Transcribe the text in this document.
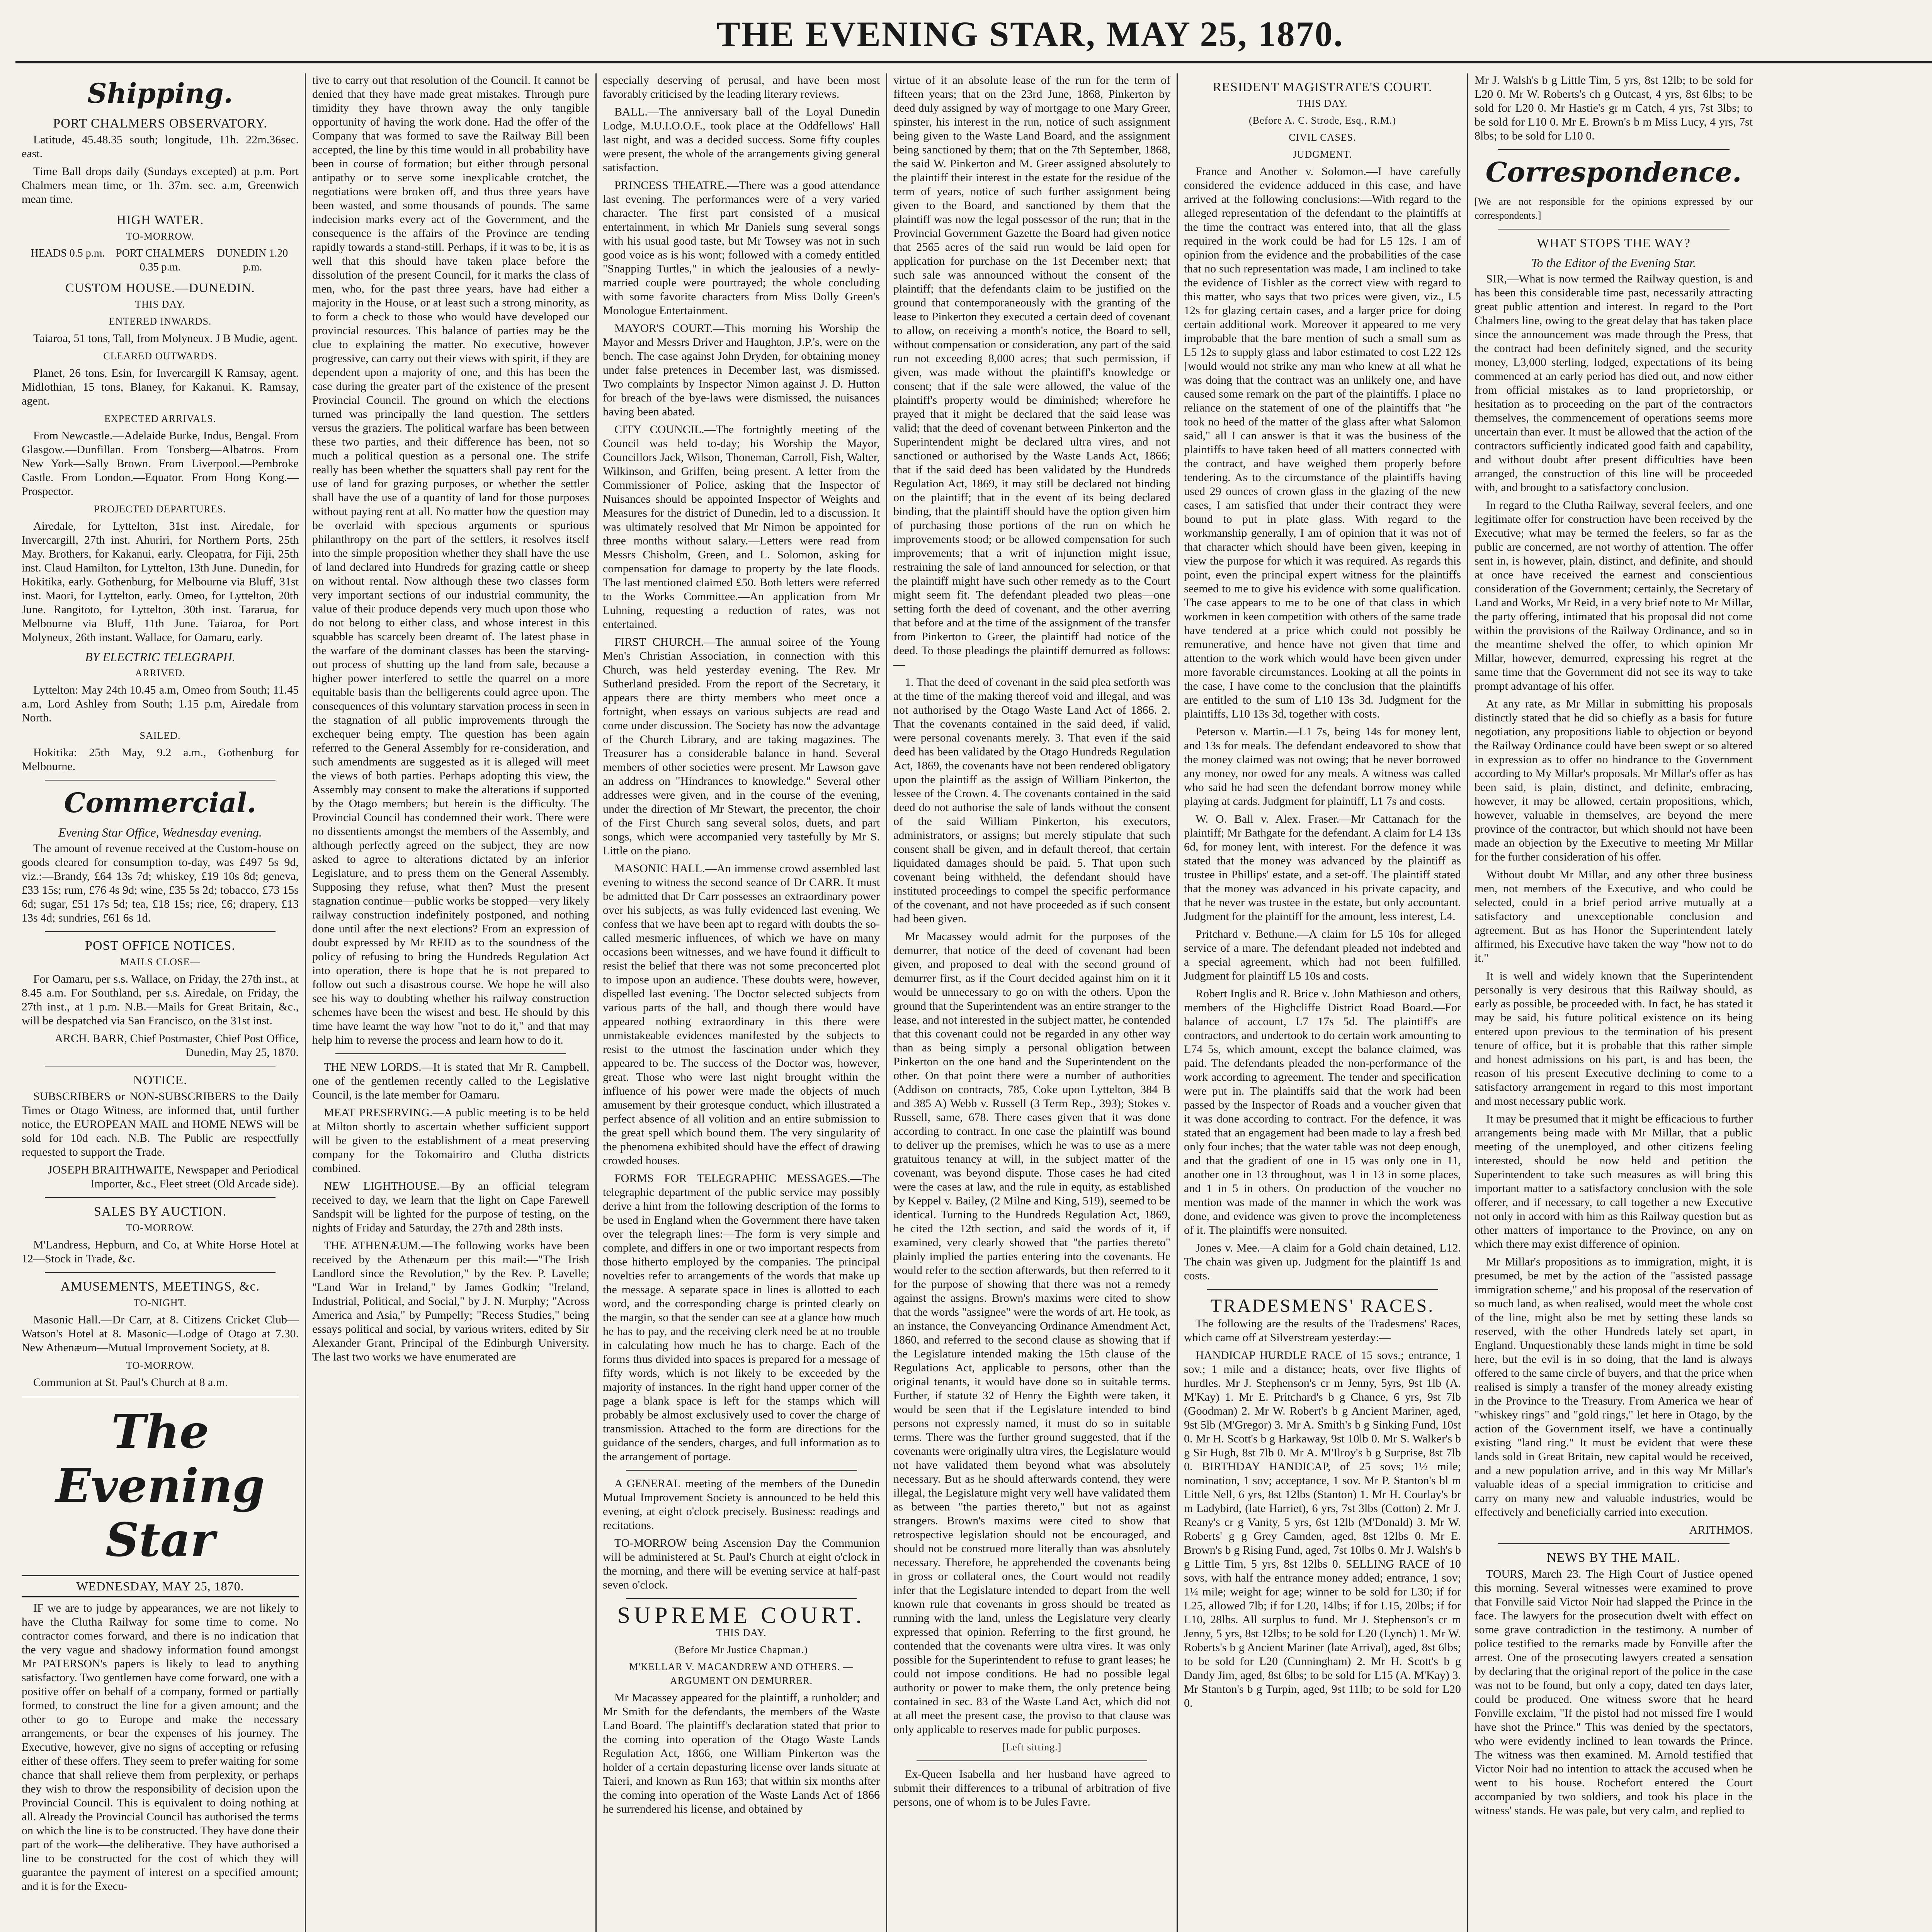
THE EVENING STAR, MAY 25, 1870.
Shipping.
PORT CHALMERS OBSERVATORY.

Latitude, 45.48.35 south; longitude, 11h. 22m.36sec. east.

Time Ball drops daily (Sundays excepted) at p.m. Port Chalmers mean time, or 1h. 37m. sec. a.m, Greenwich mean time.

HIGH WATER.
TO-MORROW.
HEADS 0.5 p.m.	PORT CHALMERS 0.35 p.m.
DUNEDIN 1.20 p.m.
CUSTOM HOUSE.—DUNEDIN.
THIS DAY.
ENTERED INWARDS.

Taiaroa, 51 tons, Tall, from Molyneux. J B Mudie, agent.

CLEARED OUTWARDS.

Planet, 26 tons, Esin, for Invercargill K Ramsay, agent. Midlothian, 15 tons, Blaney, for Kakanui. K. Ramsay, agent.

EXPECTED ARRIVALS.

From Newcastle.—Adelaide Burke, Indus, Bengal. From Glasgow.—Dunfillan. From Tonsberg—Albatros. From New York—Sally Brown. From Liverpool.—Pembroke Castle. From London.—Equator. From Hong Kong.—Prospector.

PROJECTED DEPARTURES.

Airedale, for Lyttelton, 31st inst. Airedale, for Invercargill, 27th inst. Ahuriri, for Northern Ports, 25th May. Brothers, for Kakanui, early. Cleopatra, for Fiji, 25th inst. Claud Hamilton, for Lyttelton, 13th June. Dunedin, for Hokitika, early. Gothenburg, for Melbourne via Bluff, 31st inst. Maori, for Lyttelton, early. Omeo, for Lyttelton, 20th June. Rangitoto, for Lyttelton, 30th inst. Tararua, for Melbourne via Bluff, 11th June. Taiaroa, for Port Molyneux, 26th instant. Wallace, for Oamaru, early.

BY ELECTRIC TELEGRAPH.
ARRIVED.

Lyttelton: May 24th 10.45 a.m, Omeo from South; 11.45 a.m, Lord Ashley from South; 1.15 p.m, Airedale from North.

SAILED.

Hokitika: 25th May, 9.2 a.m., Gothenburg for Melbourne.

Commercial.
Evening Star Office, Wednesday evening.

The amount of revenue received at the Custom-house on goods cleared for consumption to-day, was £497 5s 9d, viz.:—Brandy, £64 13s 7d; whiskey, £19 10s 8d; geneva, £33 15s; rum, £76 4s 9d; wine, £35 5s 2d; tobacco, £73 15s 6d; sugar, £51 17s 5d; tea, £18 15s; rice, £6; drapery, £13 13s 4d; sundries, £61 6s 1d.

POST OFFICE NOTICES.
MAILS CLOSE—

For Oamaru, per s.s. Wallace, on Friday, the 27th inst., at 8.45 a.m. For Southland, per s.s. Airedale, on Friday, the 27th inst., at 1 p.m. N.B.—Mails for Great Britain, &c., will be despatched via San Francisco, on the 31st inst.

ARCH. BARR, Chief Postmaster, Chief Post Office, Dunedin, May 25, 1870.

NOTICE.

SUBSCRIBERS or NON-SUBSCRIBERS to the Daily Times or Otago Witness, are informed that, until further notice, the EUROPEAN MAIL and HOME NEWS will be sold for 10d each. N.B. The Public are respectfully requested to support the Trade.

JOSEPH BRAITHWAITE, Newspaper and Periodical Importer, &c., Fleet street (Old Arcade side).

SALES BY AUCTION.
TO-MORROW.

M'Landress, Hepburn, and Co, at White Horse Hotel at 12—Stock in Trade, &c.

AMUSEMENTS, MEETINGS, &c.
TO-NIGHT.

Masonic Hall.—Dr Carr, at 8. Citizens Cricket Club—Watson's Hotel at 8. Masonic—Lodge of Otago at 7.30. New Athenæum—Mutual Improvement Society, at 8.

TO-MORROW.

Communion at St. Paul's Church at 8 a.m.

The Evening Star
WEDNESDAY, MAY 25, 1870.

IF we are to judge by appearances, we are not likely to have the Clutha Railway for some time to come. No contractor comes forward, and there is no indication that the very vague and shadowy information found amongst Mr PATERSON's papers is likely to lead to anything satisfactory. Two gentlemen have come forward, one with a positive offer on behalf of a company, formed or partially formed, to construct the line for a given amount; and the other to go to Europe and make the necessary arrangements, or bear the expenses of his journey. The Executive, however, give no signs of accepting or refusing either of these offers. They seem to prefer waiting for some chance that shall relieve them from perplexity, or perhaps they wish to throw the responsibility of decision upon the Provincial Council. This is equivalent to doing nothing at all. Already the Provincial Council has authorised the terms on which the line is to be constructed. They have done their part of the work—the deliberative. They have authorised a line to be constructed for the cost of which they will guarantee the payment of interest on a specified amount; and it is for the Execu-

tive to carry out that resolution of the Council. It cannot be denied that they have made great mistakes. Through pure timidity they have thrown away the only tangible opportunity of having the work done. Had the offer of the Company that was formed to save the Railway Bill been accepted, the line by this time would in all probability have been in course of formation; but either through personal antipathy or to serve some inexplicable crotchet, the negotiations were broken off, and thus three years have been wasted, and some thousands of pounds. The same indecision marks every act of the Government, and the consequence is the affairs of the Province are tending rapidly towards a stand-still. Perhaps, if it was to be, it is as well that this should have taken place before the dissolution of the present Council, for it marks the class of men, who, for the past three years, have had either a majority in the House, or at least such a strong minority, as to form a check to those who would have developed our provincial resources. This balance of parties may be the clue to explaining the matter. No executive, however progressive, can carry out their views with spirit, if they are dependent upon a majority of one, and this has been the case during the greater part of the existence of the present Provincial Council. The ground on which the elections turned was principally the land question. The settlers versus the graziers. The political warfare has been between these two parties, and their difference has been, not so much a political question as a personal one. The strife really has been whether the squatters shall pay rent for the use of land for grazing purposes, or whether the settler shall have the use of a quantity of land for those purposes without paying rent at all. No matter how the question may be overlaid with specious arguments or spurious philanthropy on the part of the settlers, it resolves itself into the simple proposition whether they shall have the use of land declared into Hundreds for grazing cattle or sheep on without rental. Now although these two classes form very important sections of our industrial community, the value of their produce depends very much upon those who do not belong to either class, and whose interest in this squabble has scarcely been dreamt of. The latest phase in the warfare of the dominant classes has been the starving-out process of shutting up the land from sale, because a higher power interfered to settle the quarrel on a more equitable basis than the belligerents could agree upon. The consequences of this voluntary starvation process in seen in the stagnation of all public improvements through the exchequer being empty. The question has been again referred to the General Assembly for re-consideration, and such amendments are suggested as it is alleged will meet the views of both parties. Perhaps adopting this view, the Assembly may consent to make the alterations if supported by the Otago members; but herein is the difficulty. The Provincial Council has condemned their work. There were no dissentients amongst the members of the Assembly, and although perfectly agreed on the subject, they are now asked to agree to alterations dictated by an inferior Legislature, and to press them on the General Assembly. Supposing they refuse, what then? Must the present stagnation continue—public works be stopped—very likely railway construction indefinitely postponed, and nothing done until after the next elections? From an expression of doubt expressed by Mr REID as to the soundness of the policy of refusing to bring the Hundreds Regulation Act into operation, there is hope that he is not prepared to follow out such a disastrous course. We hope he will also see his way to doubting whether his railway construction schemes have been the wisest and best. He should by this time have learnt the way how "not to do it," and that may help him to reverse the process and learn how to do it.

THE NEW LORDS.—It is stated that Mr R. Campbell, one of the gentlemen recently called to the Legislative Council, is the late member for Oamaru.

MEAT PRESERVING.—A public meeting is to be held at Milton shortly to ascertain whether sufficient support will be given to the establishment of a meat preserving company for the Tokomairiro and Clutha districts combined.

NEW LIGHTHOUSE.—By an official telegram received to day, we learn that the light on Cape Farewell Sandspit will be lighted for the purpose of testing, on the nights of Friday and Saturday, the 27th and 28th insts.

THE ATHENÆUM.—The following works have been received by the Athenæum per this mail:—"The Irish Landlord since the Revolution," by the Rev. P. Lavelle; "Land War in Ireland," by James Godkin; "Ireland, Industrial, Political, and Social," by J. N. Murphy; "Across America and Asia," by Pumpelly; "Recess Studies," being essays political and social, by various writers, edited by Sir Alexander Grant, Principal of the Edinburgh University. The last two works we have enumerated are

especially deserving of perusal, and have been most favorably criticised by the leading literary reviews.

BALL.—The anniversary ball of the Loyal Dunedin Lodge, M.U.I.O.O.F., took place at the Oddfellows' Hall last night, and was a decided success. Some fifty couples were present, the whole of the arrangements giving general satisfaction.

PRINCESS THEATRE.—There was a good attendance last evening. The performances were of a very varied character. The first part consisted of a musical entertainment, in which Mr Daniels sung several songs with his usual good taste, but Mr Towsey was not in such good voice as is his wont; followed with a comedy entitled "Snapping Turtles," in which the jealousies of a newly-married couple were pourtrayed; the whole concluding with some favorite characters from Miss Dolly Green's Monologue Entertainment.

MAYOR'S COURT.—This morning his Worship the Mayor and Messrs Driver and Haughton, J.P.'s, were on the bench. The case against John Dryden, for obtaining money under false pretences in December last, was dismissed. Two complaints by Inspector Nimon against J. D. Hutton for breach of the bye-laws were dismissed, the nuisances having been abated.

CITY COUNCIL.—The fortnightly meeting of the Council was held to-day; his Worship the Mayor, Councillors Jack, Wilson, Thoneman, Carroll, Fish, Walter, Wilkinson, and Griffen, being present. A letter from the Commissioner of Police, asking that the Inspector of Nuisances should be appointed Inspector of Weights and Measures for the district of Dunedin, led to a discussion. It was ultimately resolved that Mr Nimon be appointed for three months without salary.—Letters were read from Messrs Chisholm, Green, and L. Solomon, asking for compensation for damage to property by the late floods. The last mentioned claimed £50. Both letters were referred to the Works Committee.—An application from Mr Luhning, requesting a reduction of rates, was not entertained.

FIRST CHURCH.—The annual soiree of the Young Men's Christian Association, in connection with this Church, was held yesterday evening. The Rev. Mr Sutherland presided. From the report of the Secretary, it appears there are thirty members who meet once a fortnight, when essays on various subjects are read and come under discussion. The Society has now the advantage of the Church Library, and are taking magazines. The Treasurer has a considerable balance in hand. Several members of other societies were present. Mr Lawson gave an address on "Hindrances to knowledge." Several other addresses were given, and in the course of the evening, under the direction of Mr Stewart, the precentor, the choir of the First Church sang several solos, duets, and part songs, which were accompanied very tastefully by Mr S. Little on the piano.

MASONIC HALL.—An immense crowd assembled last evening to witness the second seance of Dr CARR. It must be admitted that Dr Carr possesses an extraordinary power over his subjects, as was fully evidenced last evening. We confess that we have been apt to regard with doubts the so-called mesmeric influences, of which we have on many occasions been witnesses, and we have found it difficult to resist the belief that there was not some preconcerted plot to impose upon an audience. These doubts were, however, dispelled last evening. The Doctor selected subjects from various parts of the hall, and though there would have appeared nothing extraordinary in this there were unmistakeable evidences manifested by the subjects to resist to the utmost the fascination under which they appeared to be. The success of the Doctor was, however, great. Those who were last night brought within the influence of his power were made the objects of much amusement by their grotesque conduct, which illustrated a perfect absence of all volition and an entire submission to the great spell which bound them. The very singularity of the phenomena exhibited should have the effect of drawing crowded houses.

FORMS FOR TELEGRAPHIC MESSAGES.—The telegraphic department of the public service may possibly derive a hint from the following description of the forms to be used in England when the Government there have taken over the telegraph lines:—The form is very simple and complete, and differs in one or two important respects from those hitherto employed by the companies. The principal novelties refer to arrangements of the words that make up the message. A separate space in lines is allotted to each word, and the corresponding charge is printed clearly on the margin, so that the sender can see at a glance how much he has to pay, and the receiving clerk need be at no trouble in calculating how much he has to charge. Each of the forms thus divided into spaces is prepared for a message of fifty words, which is not likely to be exceeded by the majority of instances. In the right hand upper corner of the page a blank space is left for the stamps which will probably be almost exclusively used to cover the charge of transmission. Attached to the form are directions for the guidance of the senders, charges, and full information as to the arrangement of portage.

A GENERAL meeting of the members of the Dunedin Mutual Improvement Society is announced to be held this evening, at eight o'clock precisely. Business: readings and recitations.

TO-MORROW being Ascension Day the Communion will be administered at St. Paul's Church at eight o'clock in the morning, and there will be evening service at half-past seven o'clock.

SUPREME COURT.
THIS DAY.
(Before Mr Justice Chapman.)
M'KELLAR V. MACANDREW AND OTHERS. —ARGUMENT ON DEMURRER.

Mr Macassey appeared for the plaintiff, a runholder; and Mr Smith for the defendants, the members of the Waste Land Board. The plaintiff's declaration stated that prior to the coming into operation of the Otago Waste Lands Regulation Act, 1866, one William Pinkerton was the holder of a certain depasturing license over lands situate at Taieri, and known as Run 163; that within six months after the coming into operation of the Waste Lands Act of 1866 he surrendered his license, and obtained by

virtue of it an absolute lease of the run for the term of fifteen years; that on the 23rd June, 1868, Pinkerton by deed duly assigned by way of mortgage to one Mary Greer, spinster, his interest in the run, notice of such assignment being given to the Waste Land Board, and the assignment being sanctioned by them; that on the 7th September, 1868, the said W. Pinkerton and M. Greer assigned absolutely to the plaintiff their interest in the estate for the residue of the term of years, notice of such further assignment being given to the Board, and sanctioned by them that the plaintiff was now the legal possessor of the run; that in the Provincial Government Gazette the Board had given notice that 2565 acres of the said run would be laid open for application for purchase on the 1st December next; that such sale was announced without the consent of the plaintiff; that the defendants claim to be justified on the ground that contemporaneously with the granting of the lease to Pinkerton they executed a certain deed of covenant to allow, on receiving a month's notice, the Board to sell, without compensation or consideration, any part of the said run not exceeding 8,000 acres; that such permission, if given, was made without the plaintiff's knowledge or consent; that if the sale were allowed, the value of the plaintiff's property would be diminished; wherefore he prayed that it might be declared that the said lease was valid; that the deed of covenant between Pinkerton and the Superintendent might be declared ultra vires, and not sanctioned or authorised by the Waste Lands Act, 1866; that if the said deed has been validated by the Hundreds Regulation Act, 1869, it may still be declared not binding on the plaintiff; that in the event of its being declared binding, that the plaintiff should have the option given him of purchasing those portions of the run on which he improvements stood; or be allowed compensation for such improvements; that a writ of injunction might issue, restraining the sale of land announced for selection, or that the plaintiff might have such other remedy as to the Court might seem fit. The defendant pleaded two pleas—one setting forth the deed of covenant, and the other averring that before and at the time of the assignment of the transfer from Pinkerton to Greer, the plaintiff had notice of the deed. To those pleadings the plaintiff demurred as follows:—

1. That the deed of covenant in the said plea setforth was at the time of the making thereof void and illegal, and was not authorised by the Otago Waste Land Act of 1866. 2. That the covenants contained in the said deed, if valid, were personal covenants merely. 3. That even if the said deed has been validated by the Otago Hundreds Regulation Act, 1869, the covenants have not been rendered obligatory upon the plaintiff as the assign of William Pinkerton, the lessee of the Crown. 4. The covenants contained in the said deed do not authorise the sale of lands without the consent of the said William Pinkerton, his executors, administrators, or assigns; but merely stipulate that such consent shall be given, and in default thereof, that certain liquidated damages should be paid. 5. That upon such covenant being withheld, the defendant should have instituted proceedings to compel the specific performance of the covenant, and not have proceeded as if such consent had been given.

Mr Macassey would admit for the purposes of the demurrer, that notice of the deed of covenant had been given, and proposed to deal with the second ground of demurrer first, as if the Court decided against him on it it would be unnecessary to go on with the others. Upon the ground that the Superintendent was an entire stranger to the lease, and not interested in the subject matter, he contended that this covenant could not be regarded in any other way than as being simply a personal obligation between Pinkerton on the one hand and the Superintendent on the other. On that point there were a number of authorities (Addison on contracts, 785, Coke upon Lyttelton, 384 B and 385 A) Webb v. Russell (3 Term Rep., 393); Stokes v. Russell, same, 678. There cases given that it was done according to contract. In one case the plaintiff was bound to deliver up the premises, which he was to use as a mere gratuitous tenancy at will, in the subject matter of the covenant, was beyond dispute. Those cases he had cited were the cases at law, and the rule in equity, as established by Keppel v. Bailey, (2 Milne and King, 519), seemed to be identical. Turning to the Hundreds Regulation Act, 1869, he cited the 12th section, and said the words of it, if examined, very clearly showed that "the parties thereto" plainly implied the parties entering into the covenants. He would refer to the section afterwards, but then referred to it for the purpose of showing that there was not a remedy against the assigns. Brown's maxims were cited to show that the words "assignee" were the words of art. He took, as an instance, the Conveyancing Ordinance Amendment Act, 1860, and referred to the second clause as showing that if the Legislature intended making the 15th clause of the Regulations Act, applicable to persons, other than the original tenants, it would have done so in suitable terms. Further, if statute 32 of Henry the Eighth were taken, it would be seen that if the Legislature intended to bind persons not expressly named, it must do so in suitable terms. There was the further ground suggested, that if the covenants were originally ultra vires, the Legislature would not have validated them beyond what was absolutely necessary. But as he should afterwards contend, they were illegal, the Legislature might very well have validated them as between "the parties thereto," but not as against strangers. Brown's maxims were cited to show that retrospective legislation should not be encouraged, and should not be construed more literally than was absolutely necessary. Therefore, he apprehended the covenants being in gross or collateral ones, the Court would not readily infer that the Legislature intended to depart from the well known rule that covenants in gross should be treated as running with the land, unless the Legislature very clearly expressed that opinion. Referring to the first ground, he contended that the covenants were ultra vires. It was only possible for the Superintendent to refuse to grant leases; he could not impose conditions. He had no possible legal authority or power to make them, the only pretence being contained in sec. 83 of the Waste Land Act, which did not at all meet the present case, the proviso to that clause was only applicable to reserves made for public purposes.

[Left sitting.]

Ex-Queen Isabella and her husband have agreed to submit their differences to a tribunal of arbitration of five persons, one of whom is to be Jules Favre.

RESIDENT MAGISTRATE'S COURT.
THIS DAY.
(Before A. C. Strode, Esq., R.M.)
CIVIL CASES.
JUDGMENT.

France and Another v. Solomon.—I have carefully considered the evidence adduced in this case, and have arrived at the following conclusions:—With regard to the alleged representation of the defendant to the plaintiffs at the time the contract was entered into, that all the glass required in the work could be had for L5 12s. I am of opinion from the evidence and the probabilities of the case that no such representation was made, I am inclined to take the evidence of Tishler as the correct view with regard to this matter, who says that two prices were given, viz., L5 12s for glazing certain cases, and a larger price for doing certain additional work. Moreover it appeared to me very improbable that the bare mention of such a small sum as L5 12s to supply glass and labor estimated to cost L22 12s [would would not strike any man who knew at all what he was doing that the contract was an unlikely one, and have caused some remark on the part of the plaintiffs. I place no reliance on the statement of one of the plaintiffs that "he took no heed of the matter of the glass after what Salomon said," all I can answer is that it was the business of the plaintiffs to have taken heed of all matters connected with the contract, and have weighed them properly before tendering. As to the circumstance of the plaintiffs having used 29 ounces of crown glass in the glazing of the new cases, I am satisfied that under their contract they were bound to put in plate glass. With regard to the workmanship generally, I am of opinion that it was not of that character which should have been given, keeping in view the purpose for which it was required. As regards this point, even the principal expert witness for the plaintiffs seemed to me to give his evidence with some qualification. The case appears to me to be one of that class in which workmen in keen competition with others of the same trade have tendered at a price which could not possibly be remunerative, and hence have not given that time and attention to the work which would have been given under more favorable circumstances. Looking at all the points in the case, I have come to the conclusion that the plaintiffs are entitled to the sum of L10 13s 3d. Judgment for the plaintiffs, L10 13s 3d, together with costs.

Peterson v. Martin.—L1 7s, being 14s for money lent, and 13s for meals. The defendant endeavored to show that the money claimed was not owing; that he never borrowed any money, nor owed for any meals. A witness was called who said he had seen the defendant borrow money while playing at cards. Judgment for plaintiff, L1 7s and costs.

W. O. Ball v. Alex. Fraser.—Mr Cattanach for the plaintiff; Mr Bathgate for the defendant. A claim for L4 13s 6d, for money lent, with interest. For the defence it was stated that the money was advanced by the plaintiff as trustee in Phillips' estate, and a set-off. The plaintiff stated that the money was advanced in his private capacity, and that he never was trustee in the estate, but only accountant. Judgment for the plaintiff for the amount, less interest, L4.

Pritchard v. Bethune.—A claim for L5 10s for alleged service of a mare. The defendant pleaded not indebted and a special agreement, which had not been fulfilled. Judgment for plaintiff L5 10s and costs.

Robert Inglis and R. Brice v. John Mathieson and others, members of the Highcliffe District Road Board.—For balance of account, L7 17s 5d. The plaintiff's are contractors, and undertook to do certain work amounting to L74 5s, which amount, except the balance claimed, was paid. The defendants pleaded the non-performance of the work according to agreement. The tender and specification were put in. The plaintiffs said that the work had been passed by the Inspector of Roads and a voucher given that it was done according to contract. For the defence, it was stated that an engagement had been made to lay a fresh bed only four inches; that the water table was not deep enough, and that the gradient of one in 15 was only one in 11, another one in 13 throughout, was 1 in 13 in some places, and 1 in 5 in others. On production of the voucher no mention was made of the manner in which the work was done, and evidence was given to prove the incompleteness of it. The plaintiffs were nonsuited.

Jones v. Mee.—A claim for a Gold chain detained, L12. The chain was given up. Judgment for the plaintiff 1s and costs.

TRADESMENS' RACES.

The following are the results of the Tradesmens' Races, which came off at Silverstream yesterday:—

HANDICAP HURDLE RACE of 15 sovs.; entrance, 1 sov.; 1 mile and a distance; heats, over five flights of hurdles. Mr J. Stephenson's cr m Jenny, 5yrs, 9st 1lb (A. M'Kay) 1. Mr E. Pritchard's b g Chance, 6 yrs, 9st 7lb (Goodman) 2. Mr W. Robert's b g Ancient Mariner, aged, 9st 5lb (M'Gregor) 3. Mr A. Smith's b g Sinking Fund, 10st 0. Mr H. Scott's b g Harkaway, 9st 10lb 0. Mr S. Walker's b g Sir Hugh, 8st 7lb 0. Mr A. M'Ilroy's b g Surprise, 8st 7lb 0. BIRTHDAY HANDICAP, of 25 sovs; 1½ mile; nomination, 1 sov; acceptance, 1 sov. Mr P. Stanton's bl m Little Nell, 6 yrs, 8st 12lbs (Stanton) 1. Mr H. Courlay's br m Ladybird, (late Harriet), 6 yrs, 7st 3lbs (Cotton) 2. Mr J. Reany's cr g Vanity, 5 yrs, 6st 12lb (M'Donald) 3. Mr W. Roberts' g g Grey Camden, aged, 8st 12lbs 0. Mr E. Brown's b g Rising Fund, aged, 7st 10lbs 0. Mr J. Walsh's b g Little Tim, 5 yrs, 8st 12lbs 0. SELLING RACE of 10 sovs, with half the entrance money added; entrance, 1 sov; 1¼ mile; weight for age; winner to be sold for L30; if for L25, allowed 7lb; if for L20, 14lbs; if for L15, 20lbs; if for L10, 28lbs. All surplus to fund. Mr J. Stephenson's cr m Jenny, 5 yrs, 8st 12lbs; to be sold for L20 (Lynch) 1. Mr W. Roberts's b g Ancient Mariner (late Arrival), aged, 8st 6lbs; to be sold for L20 (Cunningham) 2. Mr H. Scott's b g Dandy Jim, aged, 8st 6lbs; to be sold for L15 (A. M'Kay) 3. Mr Stanton's b g Turpin, aged, 9st 11lb; to be sold for L20 0.

Mr J. Walsh's b g Little Tim, 5 yrs, 8st 12lb; to be sold for L20 0. Mr W. Roberts's ch g Outcast, 4 yrs, 8st 6lbs; to be sold for L20 0. Mr Hastie's gr m Catch, 4 yrs, 7st 3lbs; to be sold for L10 0. Mr E. Brown's b m Miss Lucy, 4 yrs, 7st 8lbs; to be sold for L10 0.

Correspondence.

[We are not responsible for the opinions expressed by our correspondents.]

WHAT STOPS THE WAY?
To the Editor of the Evening Star.

SIR,—What is now termed the Railway question, is and has been this considerable time past, necessarily attracting great public attention and interest. In regard to the Port Chalmers line, owing to the great delay that has taken place since the announcement was made through the Press, that the contract had been definitely signed, and the security money, L3,000 sterling, lodged, expectations of its being commenced at an early period has died out, and now either from official mistakes as to land proprietorship, or hesitation as to proceeding on the part of the contractors themselves, the commencement of operations seems more uncertain than ever. It must be allowed that the action of the contractors sufficiently indicated good faith and capability, and without doubt after present difficulties have been arranged, the construction of this line will be proceeded with, and brought to a satisfactory conclusion.

In regard to the Clutha Railway, several feelers, and one legitimate offer for construction have been received by the Executive; what may be termed the feelers, so far as the public are concerned, are not worthy of attention. The offer sent in, is however, plain, distinct, and definite, and should at once have received the earnest and conscientious consideration of the Government; certainly, the Secretary of Land and Works, Mr Reid, in a very brief note to Mr Millar, the party offering, intimated that his proposal did not come within the provisions of the Railway Ordinance, and so in the meantime shelved the offer, to which opinion Mr Millar, however, demurred, expressing his regret at the same time that the Government did not see its way to take prompt advantage of his offer.

At any rate, as Mr Millar in submitting his proposals distinctly stated that he did so chiefly as a basis for future negotiation, any propositions liable to objection or beyond the Railway Ordinance could have been swept or so altered in expression as to offer no hindrance to the Government according to My Millar's proposals. Mr Millar's offer as has been said, is plain, distinct, and definite, embracing, however, it may be allowed, certain propositions, which, however, valuable in themselves, are beyond the mere province of the contractor, but which should not have been made an objection by the Executive to meeting Mr Millar for the further consideration of his offer.

Without doubt Mr Millar, and any other three business men, not members of the Executive, and who could be selected, could in a brief period arrive mutually at a satisfactory and unexceptionable conclusion and agreement. But as has Honor the Superintendent lately affirmed, his Executive have taken the way "how not to do it."

It is well and widely known that the Superintendent personally is very desirous that this Railway should, as early as possible, be proceeded with. In fact, he has stated it may be said, his future political existence on its being entered upon previous to the termination of his present tenure of office, but it is probable that this rather simple and honest admissions on his part, is and has been, the reason of his present Executive declining to come to a satisfactory arrangement in regard to this most important and most necessary public work.

It may be presumed that it might be efficacious to further arrangements being made with Mr Millar, that a public meeting of the unemployed, and other citizens feeling interested, should be now held and petition the Superintendent to take such measures as will bring this important matter to a satisfactory conclusion with the sole offerer, and if necessary, to call together a new Executive not only in accord with him as this Railway question but as other matters of importance to the Province, on any on which there may exist difference of opinion.

Mr Millar's propositions as to immigration, might, it is presumed, be met by the action of the "assisted passage immigration scheme," and his proposal of the reservation of so much land, as when realised, would meet the whole cost of the line, might also be met by setting these lands so reserved, with the other Hundreds lately set apart, in England. Unquestionably these lands might in time be sold here, but the evil is in so doing, that the land is always offered to the same circle of buyers, and that the price when realised is simply a transfer of the money already existing in the Province to the Treasury. From America we hear of "whiskey rings" and "gold rings," let here in Otago, by the action of the Government itself, we have a continually existing "land ring." It must be evident that were these lands sold in Great Britain, new capital would be received, and a new population arrive, and in this way Mr Millar's valuable ideas of a special immigration to criticise and carry on many new and valuable industries, would be effectively and beneficially carried into execution.

ARITHMOS.

NEWS BY THE MAIL.

TOURS, March 23. The High Court of Justice opened this morning. Several witnesses were examined to prove that Fonville said Victor Noir had slapped the Prince in the face. The lawyers for the prosecution dwelt with effect on some grave contradiction in the testimony. A number of police testified to the remarks made by Fonville after the arrest. One of the prosecuting lawyers created a sensation by declaring that the original report of the police in the case was not to be found, but only a copy, dated ten days later, could be produced. One witness swore that he heard Fonville exclaim, "If the pistol had not missed fire I would have shot the Prince." This was denied by the spectators, who were evidently inclined to lean towards the Prince. The witness was then examined. M. Arnold testified that Victor Noir had no intention to attack the accused when he went to his house. Rochefort entered the Court accompanied by two soldiers, and took his place in the witness' stands. He was pale, but very calm, and replied to
